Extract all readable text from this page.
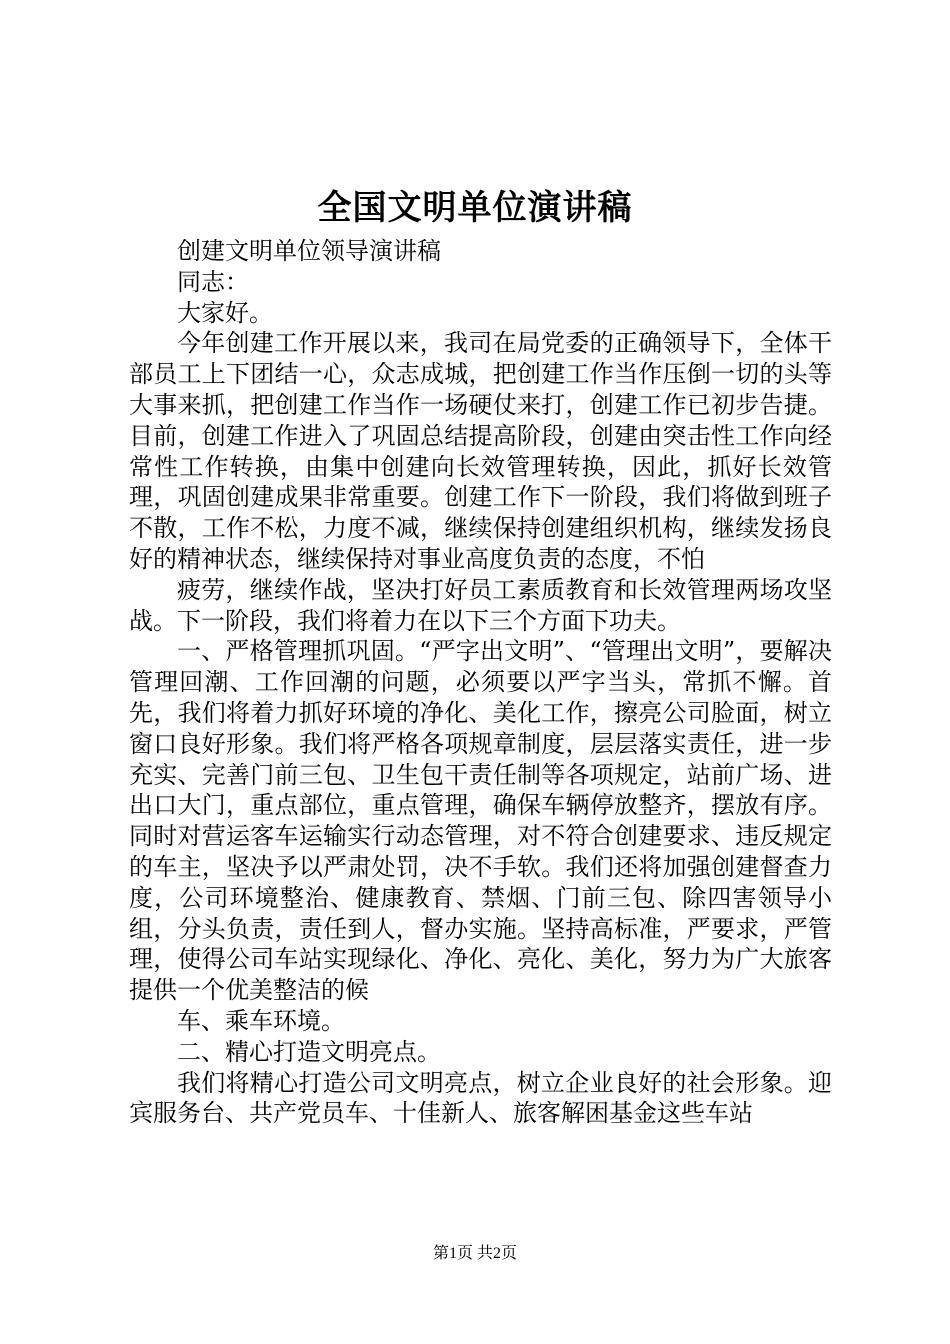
全国文明单位演讲稿

创建文明单位领导演讲稿

同志：

大家好。

今年创建工作开展以来，我司在局党委的正确领导下，全体干部员工上下团结一心，众志成城，把创建工作当作压倒一切的头等大事来抓，把创建工作当作一场硬仗来打，创建工作已初步告捷。目前，创建工作进入了巩固总结提高阶段，创建由突击性工作向经常性工作转换，由集中创建向长效管理转换，因此，抓好长效管理，巩固创建成果非常重要。创建工作下一阶段，我们将做到班子不散，工作不松，力度不减，继续保持创建组织机构，继续发扬良好的精神状态，继续保持对事业高度负责的态度，不怕

疲劳，继续作战，坚决打好员工素质教育和长效管理两场攻坚战。下一阶段，我们将着力在以下三个方面下功夫。

一、严格管理抓巩固。“严字出文明”、“管理出文明”，要解决管理回潮、工作回潮的问题，必须要以严字当头，常抓不懈。首先，我们将着力抓好环境的净化、美化工作，擦亮公司脸面，树立窗口良好形象。我们将严格各项规章制度，层层落实责任，进一步充实、完善门前三包、卫生包干责任制等各项规定，站前广场、进出口大门，重点部位，重点管理，确保车辆停放整齐，摆放有序。同时对营运客车运输实行动态管理，对不符合创建要求、违反规定的车主，坚决予以严肃处罚，决不手软。我们还将加强创建督查力度，公司环境整治、健康教育、禁烟、门前三包、除四害领导小组，分头负责，责任到人，督办实施。坚持高标准，严要求，严管理，使得公司车站实现绿化、净化、亮化、美化，努力为广大旅客提供一个优美整洁的候

车、乘车环境。

二、精心打造文明亮点。

我们将精心打造公司文明亮点，树立企业良好的社会形象。迎宾服务台、共产党员车、十佳新人、旅客解困基金这些车站

第1页 共2页
